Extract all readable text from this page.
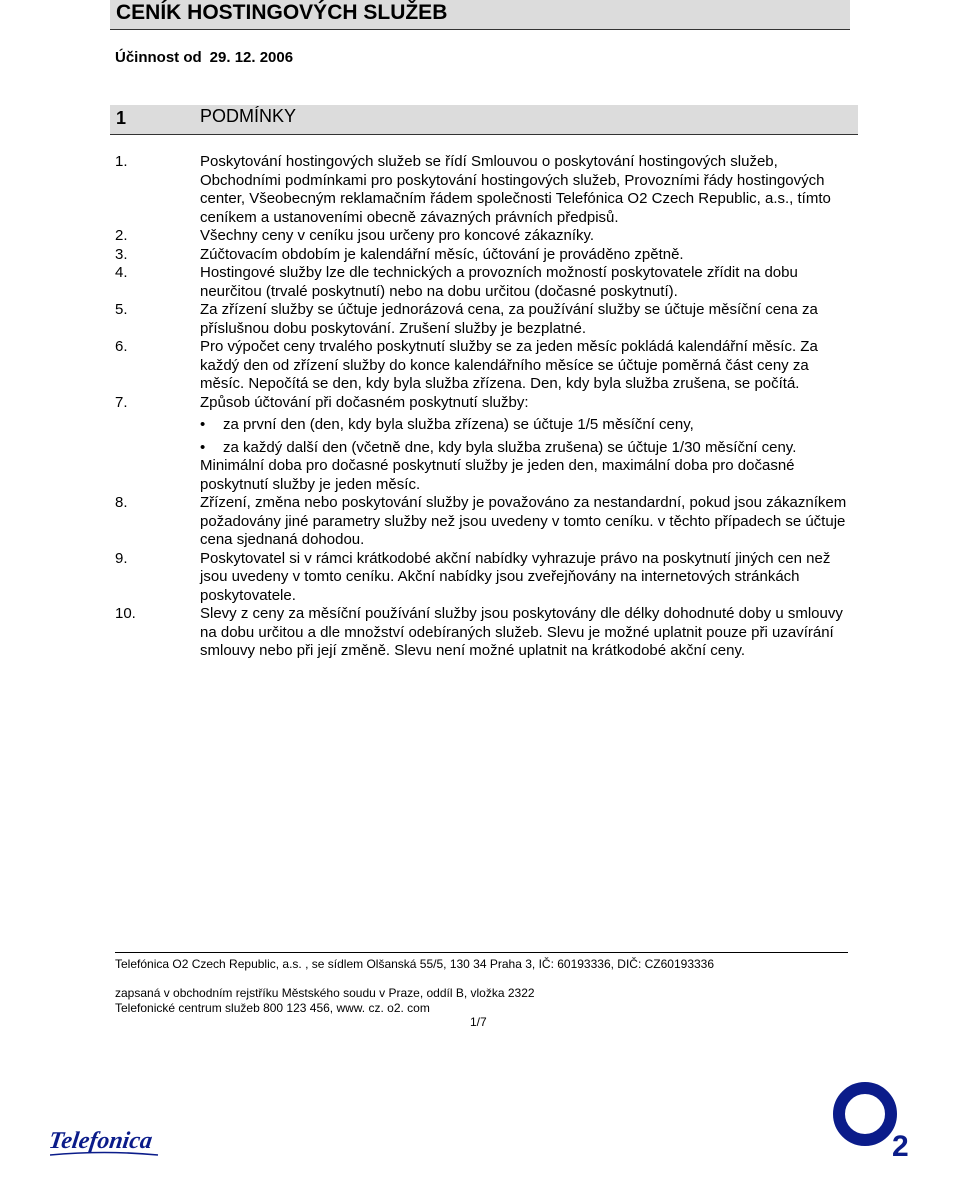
CENÍK HOSTINGOVÝCH SLUŽEB
Účinnost od 29. 12. 2006
1	PODMÍNKY
1.	Poskytování hostingových služeb se řídí Smlouvou o poskytování hostingových služeb, Obchodními podmínkami pro poskytování hostingových služeb, Provozními řády hostingových center, Všeobecným reklamačním řádem společnosti Telefónica O2 Czech Republic, a.s., tímto ceníkem a ustanoveními obecně závazných právních předpisů.
2.	Všechny ceny v ceníku jsou určeny pro koncové zákazníky.
3.	Zúčtovacím obdobím je kalendářní měsíc, účtování je prováděno zpětně.
4.	Hostingové služby lze dle technických a provozních možností poskytovatele zřídit na dobu neurčitou (trvalé poskytnutí) nebo na dobu určitou (dočasné poskytnutí).
5.	Za zřízení služby se účtuje jednorázová cena, za používání služby se účtuje měsíční cena za příslušnou dobu poskytování. Zrušení služby je bezplatné.
6.	Pro výpočet ceny trvalého poskytnutí služby se za jeden měsíc pokládá kalendářní měsíc. Za každý den od zřízení služby do konce kalendářního měsíce se účtuje poměrná část ceny za měsíc. Nepočítá se den, kdy byla služba zřízena. Den, kdy byla služba zrušena, se počítá.
7.	Způsob účtování při dočasném poskytnutí služby:
• za první den (den, kdy byla služba zřízena) se účtuje 1/5 měsíční ceny,
• za každý další den (včetně dne, kdy byla služba zrušena) se účtuje 1/30 měsíční ceny.
Minimální doba pro dočasné poskytnutí služby je jeden den, maximální doba pro dočasné poskytnutí služby je jeden měsíc.
8.	Zřízení, změna nebo poskytování služby je považováno za nestandardní, pokud jsou zákazníkem požadovány jiné parametry služby než jsou uvedeny v tomto ceníku. v těchto případech se účtuje cena sjednaná dohodou.
9.	Poskytovatel si v rámci krátkodobé akční nabídky vyhrazuje právo na poskytnutí jiných cen než jsou uvedeny v tomto ceníku. Akční nabídky jsou zveřejňovány na internetových stránkách poskytovatele.
10.	Slevy z ceny za měsíční používání služby jsou poskytovány dle délky dohodnuté doby u smlouvy na dobu určitou a dle množství odebíraných služeb. Slevu je možné uplatnit pouze při uzavírání smlouvy nebo při její změně. Slevu není možné uplatnit na krátkodobé akční ceny.
Telefónica O2 Czech Republic, a.s. , se sídlem Olšanská 55/5, 130 34 Praha 3, IČ: 60193336, DIČ: CZ60193336
zapsaná v obchodním rejstříku Městského soudu v Praze, oddíl B, vložka 2322
Telefonické centrum služeb 800 123 456, www. cz. o2. com
1/7
Telefonica	2
